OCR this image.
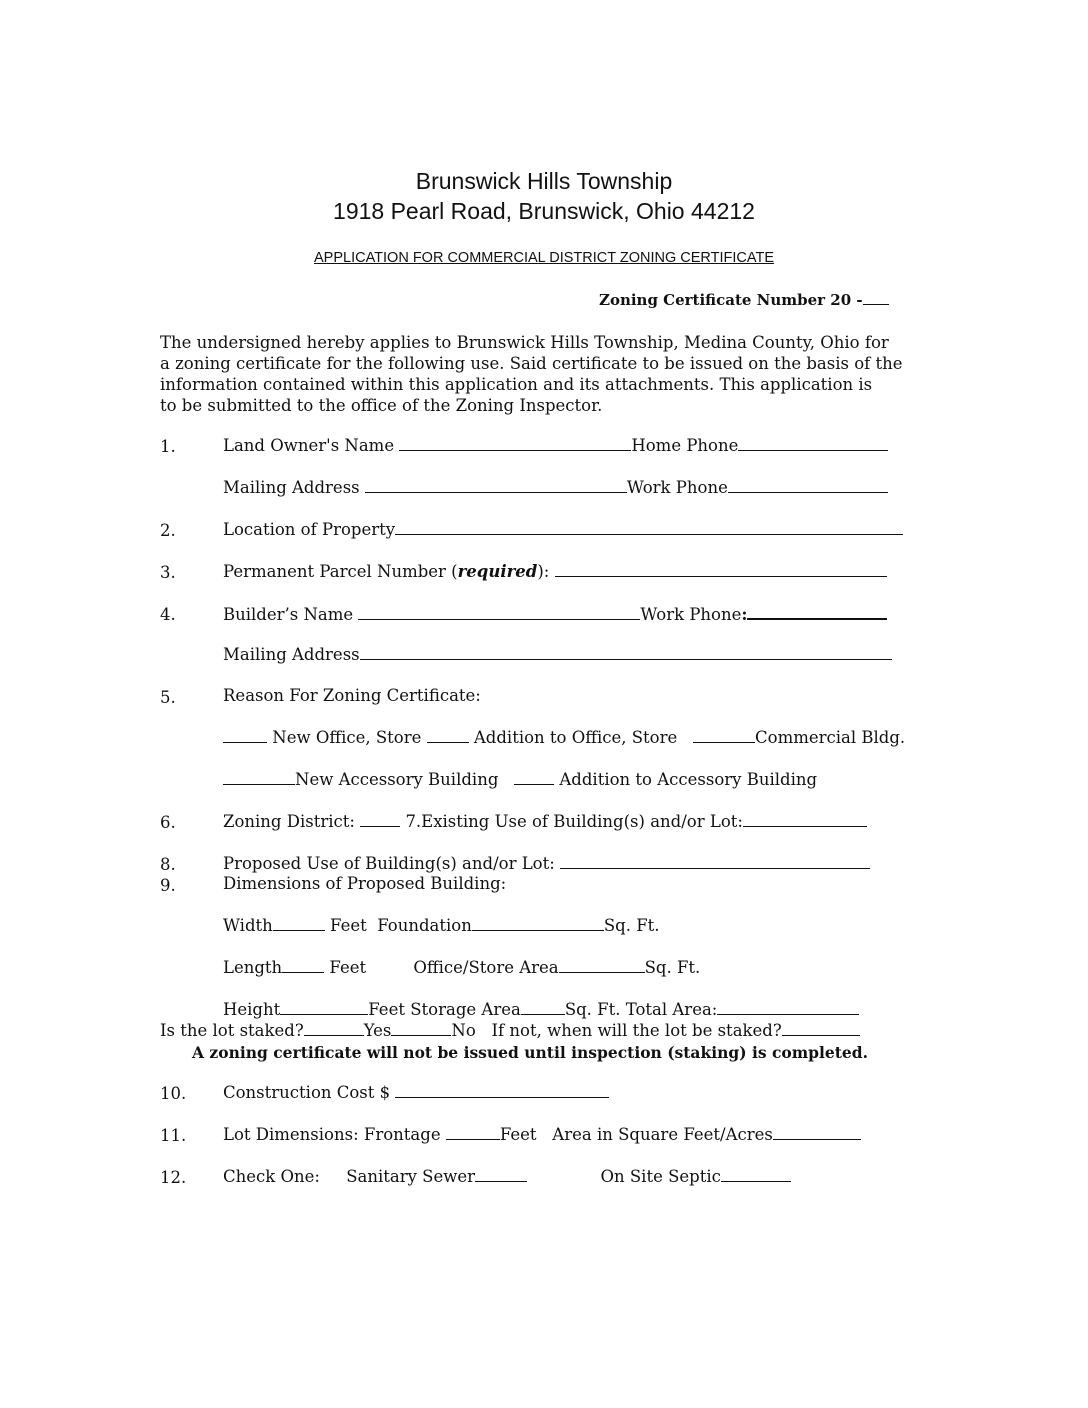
Brunswick Hills Township
1918 Pearl Road, Brunswick, Ohio 44212
APPLICATION FOR COMMERCIAL DISTRICT ZONING CERTIFICATE
Zoning Certificate Number 20 -
The undersigned hereby applies to Brunswick Hills Township, Medina County, Ohio for
a zoning certificate for the following use. Said certificate to be issued on the basis of the
information contained within this application and its attachments. This application is
to be submitted to the office of the Zoning Inspector.
1.	Land Owner's Name	Home Phone
Mailing Address	Work Phone
2.	Location of Property
3.	Permanent Parcel Number (required):
4.	Builder’s Name	Work Phone:
Mailing Address
5.	Reason For Zoning Certificate:
New Office, Store	Addition to Office, Store	Commercial Bldg.
New Accessory Building	Addition to Accessory Building
6.	Zoning District:	7.Existing Use of Building(s) and/or Lot:
8.	Proposed Use of Building(s) and/or Lot:
9.	Dimensions of Proposed Building:
Width	Feet Foundation	Sq. Ft.
Length	Feet	Office/Store Area	Sq. Ft.
Height	Feet Storage Area	Sq. Ft. Total Area:
Is the lot staked?	Yes	No If not, when will the lot be staked?
A zoning certificate will not be issued until inspection (staking) is completed.
10. Construction Cost $
11. Lot Dimensions: Frontage	Feet Area in Square Feet/Acres
12. Check One: Sanitary Sewer	On Site Septic
